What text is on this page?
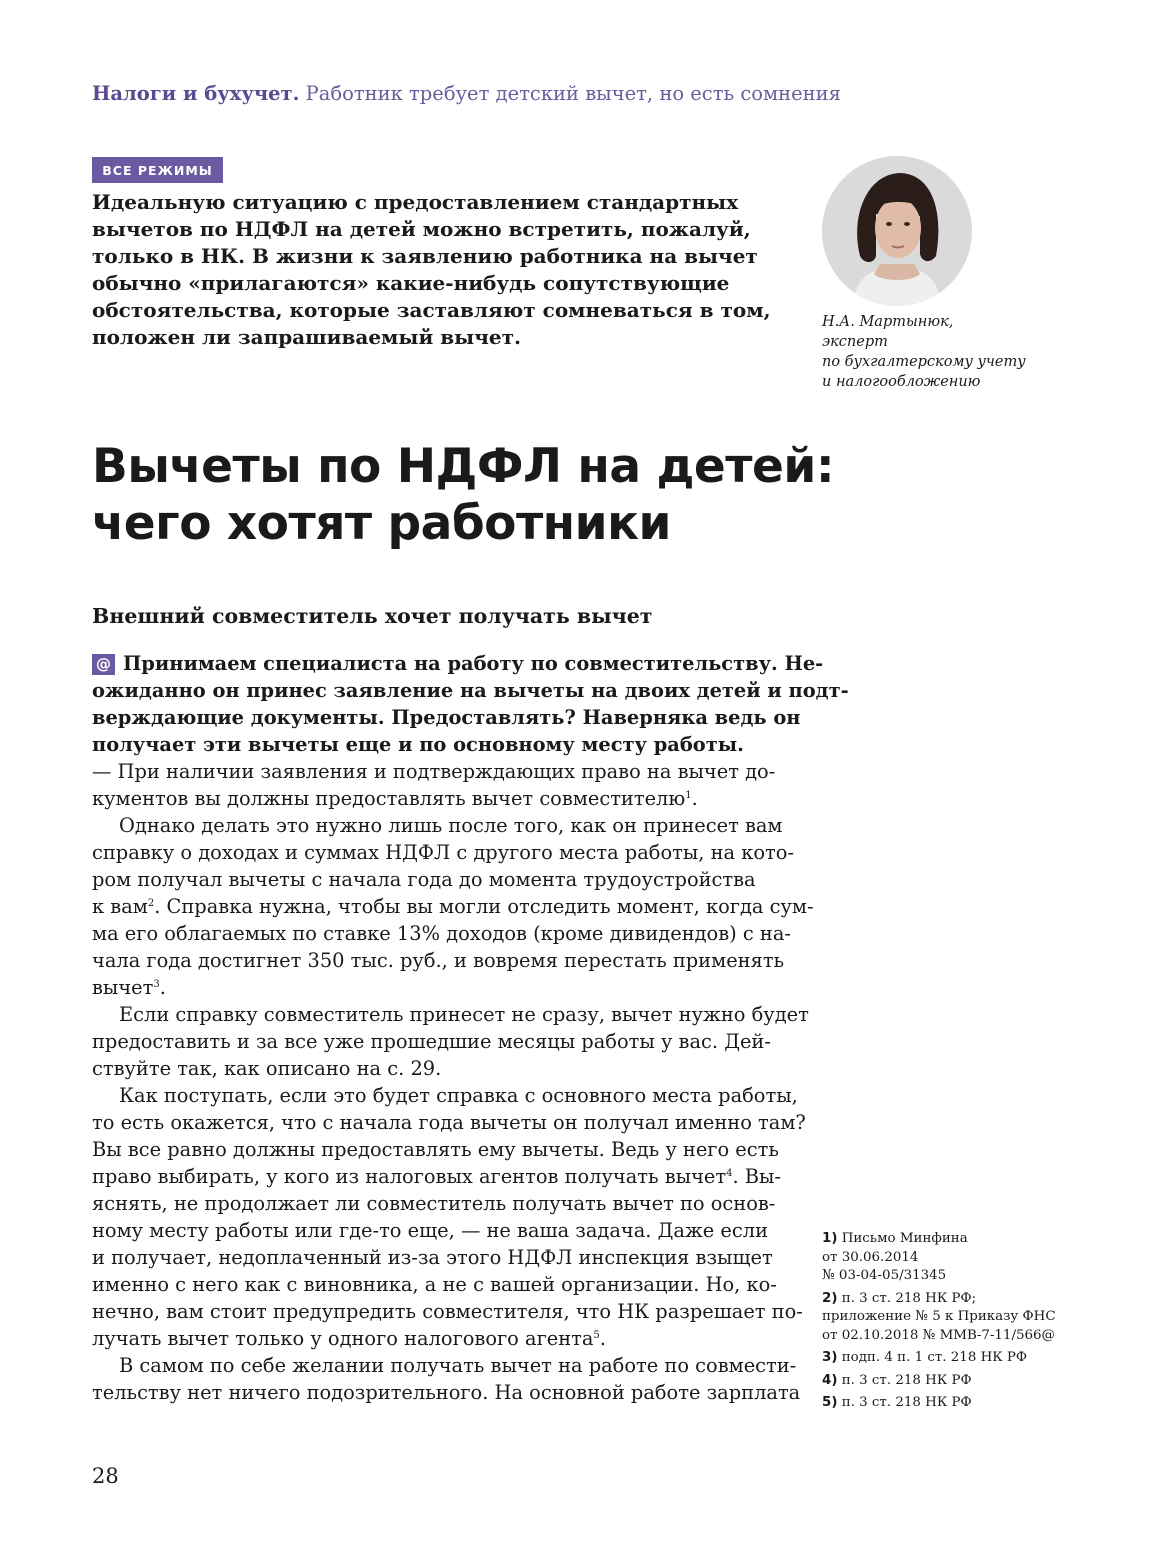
Налоги и бухучет. Работник требует детский вычет, но есть сомнения
ВСЕ РЕЖИМЫ

Идеальную ситуацию с предоставлением стандартных
вычетов по НДФЛ на детей можно встретить, пожалуй,
только в НК. В жизни к заявлению работника на вычет
обычно «прилагаются» какие-нибудь сопутствующие
обстоятельства, которые заставляют сомневаться в том,
положен ли запрашиваемый вычет.

Н.А. Мартынюк,
эксперт
по бухгалтерскому учету
и налогообложению
Вычеты по НДФЛ на детей:
чего хотят работники
Внешний совместитель хочет получать вычет
@ Принимаем специалиста на работу по совместительству. Не-
ожиданно он принес заявление на вычеты на двоих детей и подт-
верждающие документы. Предоставлять? Наверняка ведь он
получает эти вычеты еще и по основному месту работы.
— При наличии заявления и подтверждающих право на вычет до-
кументов вы должны предоставлять вычет совместителю$^1$.
Однако делать это нужно лишь после того, как он принесет вам
справку о доходах и суммах НДФЛ с другого места работы, на кото-
ром получал вычеты с начала года до момента трудоустройства
к вам$^2$. Справка нужна, чтобы вы могли отследить момент, когда сум-
ма его облагаемых по ставке 13% доходов (кроме дивидендов) с на-
чала года достигнет 350 тыс. руб., и вовремя перестать применять
вычет$^3$.
Если справку совместитель принесет не сразу, вычет нужно будет
предоставить и за все уже прошедшие месяцы работы у вас. Дей-
ствуйте так, как описано на с. 29.
Как поступать, если это будет справка с основного места работы,
то есть окажется, что с начала года вычеты он получал именно там?
Вы все равно должны предоставлять ему вычеты. Ведь у него есть
право выбирать, у кого из налоговых агентов получать вычет$^4$. Вы-
яснять, не продолжает ли совместитель получать вычет по основ-
ному месту работы или где-то еще, — не ваша задача. Даже если
и получает, недоплаченный из-за этого НДФЛ инспекция взыщет
именно с него как с виновника, а не с вашей организации. Но, ко-
нечно, вам стоит предупредить совместителя, что НК разрешает по-
лучать вычет только у одного налогового агента$^5$.
В самом по себе желании получать вычет на работе по совмести-
тельству нет ничего подозрительного. На основной работе зарплата
1) Письмо Минфина
от 30.06.2014
№ 03-04-05/31345
2) п. 3 ст. 218 НК РФ;
приложение № 5 к Приказу ФНС
от 02.10.2018 № ММВ-7-11/566@
3) подп. 4 п. 1 ст. 218 НК РФ
4) п. 3 ст. 218 НК РФ
5) п. 3 ст. 218 НК РФ
28
